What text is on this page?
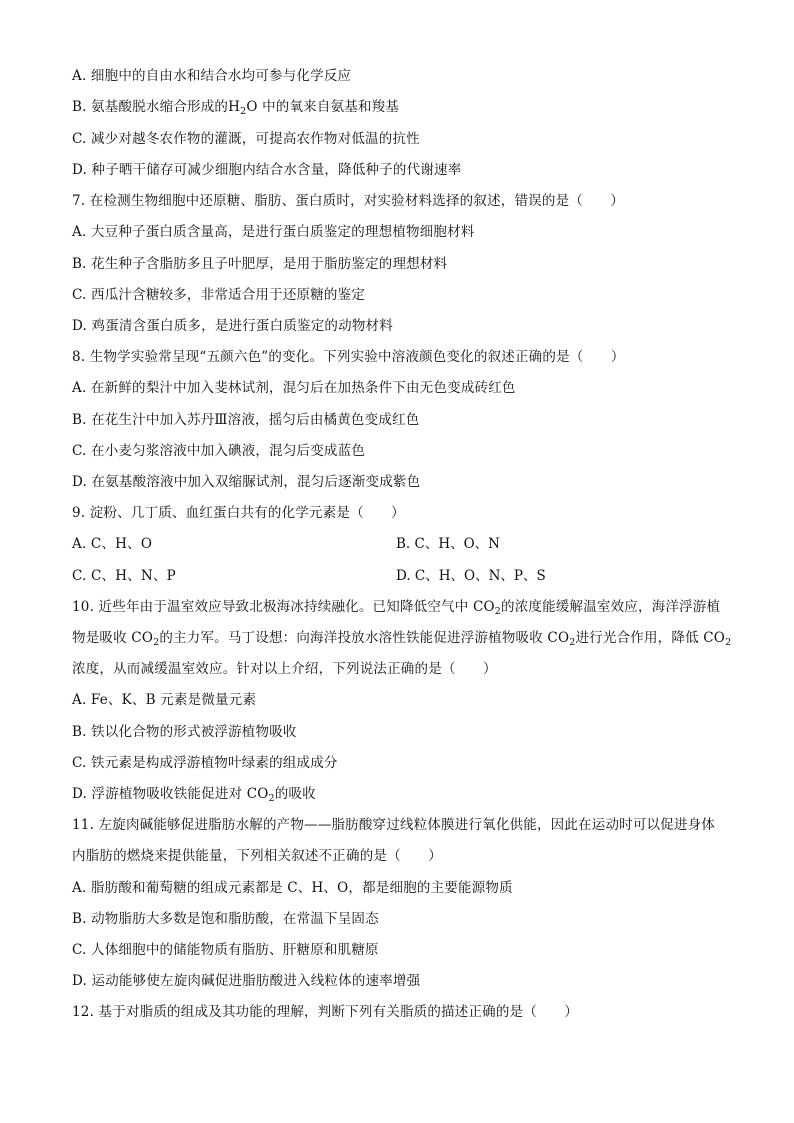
A. 细胞中的自由水和结合水均可参与化学反应
B. 氨基酸脱水缩合形成的$H_2O$ 中的氧来自氨基和羧基
C. 减少对越冬农作物的灌溉，可提高农作物对低温的抗性
D. 种子晒干储存可减少细胞内结合水含量，降低种子的代谢速率
7. 在检测生物细胞中还原糖、脂肪、蛋白质时，对实验材料选择的叙述，错误的是（　　）
A. 大豆种子蛋白质含量高，是进行蛋白质鉴定的理想植物细胞材料
B. 花生种子含脂肪多且子叶肥厚，是用于脂肪鉴定的理想材料
C. 西瓜汁含糖较多，非常适合用于还原糖的鉴定
D. 鸡蛋清含蛋白质多，是进行蛋白质鉴定的动物材料
8. 生物学实验常呈现“五颜六色”的变化。下列实验中溶液颜色变化的叙述正确的是（　　）
A. 在新鲜的梨汁中加入斐林试剂，混匀后在加热条件下由无色变成砖红色
B. 在花生汁中加入苏丹Ⅲ溶液，摇匀后由橘黄色变成红色
C. 在小麦匀浆溶液中加入碘液，混匀后变成蓝色
D. 在氨基酸溶液中加入双缩脲试剂，混匀后逐渐变成紫色
9. 淀粉、几丁质、血红蛋白共有的化学元素是（　　）
A. C、H、O	B. C、H、O、N
C. C、H、N、P	D. C、H、O、N、P、S
10. 近些年由于温室效应导致北极海冰持续融化。已知降低空气中 $CO_2$的浓度能缓解温室效应，海洋浮游植
物是吸收 $CO_2$的主力军。马丁设想：向海洋投放水溶性铁能促进浮游植物吸收 $CO_2$进行光合作用，降低 $CO_2$
浓度，从而减缓温室效应。针对以上介绍，下列说法正确的是（　　）
A. Fe、K、B 元素是微量元素
B. 铁以化合物的形式被浮游植物吸收
C. 铁元素是构成浮游植物叶绿素的组成成分
D. 浮游植物吸收铁能促进对 $CO_2$的吸收
11. 左旋肉碱能够促进脂肪水解的产物——脂肪酸穿过线粒体膜进行氧化供能，因此在运动时可以促进身体
内脂肪的燃烧来提供能量，下列相关叙述不正确的是（　　）
A. 脂肪酸和葡萄糖的组成元素都是 C、H、O，都是细胞的主要能源物质
B. 动物脂肪大多数是饱和脂肪酸，在常温下呈固态
C. 人体细胞中的储能物质有脂肪、肝糖原和肌糖原
D. 运动能够使左旋肉碱促进脂肪酸进入线粒体的速率增强
12. 基于对脂质的组成及其功能的理解，判断下列有关脂质的描述正确的是（　　）
